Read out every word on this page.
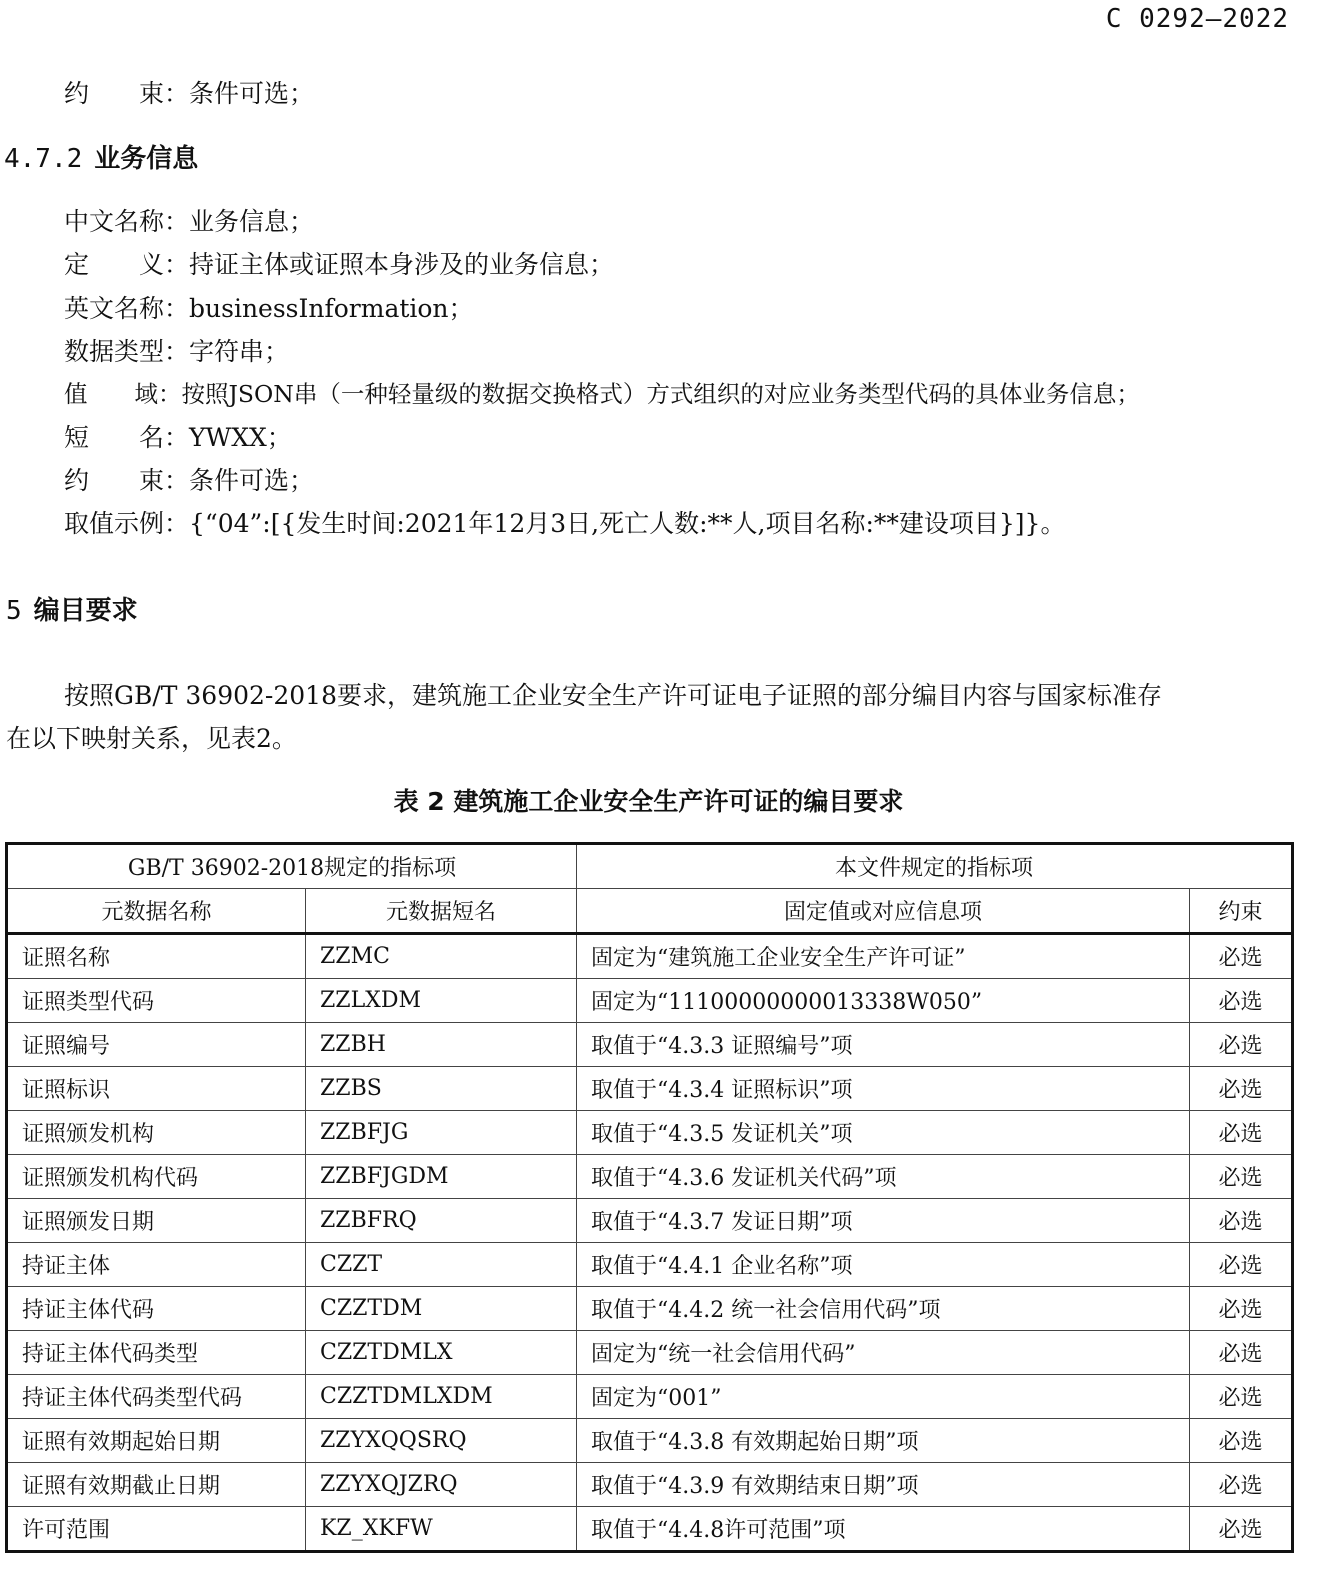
C 0292—2022
约　　束：条件可选；
4.7.2 业务信息
中文名称：业务信息；
定　　义：持证主体或证照本身涉及的业务信息；
英文名称：businessInformation；
数据类型：字符串；
值　　域：按照JSON串（一种轻量级的数据交换格式）方式组织的对应业务类型代码的具体业务信息；
短　　名：YWXX；
约　　束：条件可选；
取值示例：{“04”:[{发生时间:2021年12月3日,死亡人数:**人,项目名称:**建设项目}]}。
5 编目要求
按照GB/T 36902-2018要求，建筑施工企业安全生产许可证电子证照的部分编目内容与国家标准存
在以下映射关系，见表2。
表 2 建筑施工企业安全生产许可证的编目要求
GB/T 36902-2018规定的指标项		本文件规定的指标项	
元数据名称	元数据短名	固定值或对应信息项	约束
证照名称	ZZMC	固定为“建筑施工企业安全生产许可证”	必选
证照类型代码	ZZLXDM	固定为“11100000000013338W050”	必选
证照编号	ZZBH	取值于“4.3.3 证照编号”项	必选
证照标识	ZZBS	取值于“4.3.4 证照标识”项	必选
证照颁发机构	ZZBFJG	取值于“4.3.5 发证机关”项	必选
证照颁发机构代码	ZZBFJGDM	取值于“4.3.6 发证机关代码”项	必选
证照颁发日期	ZZBFRQ	取值于“4.3.7 发证日期”项	必选
持证主体	CZZT	取值于“4.4.1 企业名称”项	必选
持证主体代码	CZZTDM	取值于“4.4.2 统一社会信用代码”项	必选
持证主体代码类型	CZZTDMLX	固定为“统一社会信用代码”	必选
持证主体代码类型代码	CZZTDMLXDM	固定为“001”	必选
证照有效期起始日期	ZZYXQQSRQ	取值于“4.3.8 有效期起始日期”项	必选
证照有效期截止日期	ZZYXQJZRQ	取值于“4.3.9 有效期结束日期”项	必选
许可范围	KZ_XKFW	取值于“4.4.8许可范围”项	必选
